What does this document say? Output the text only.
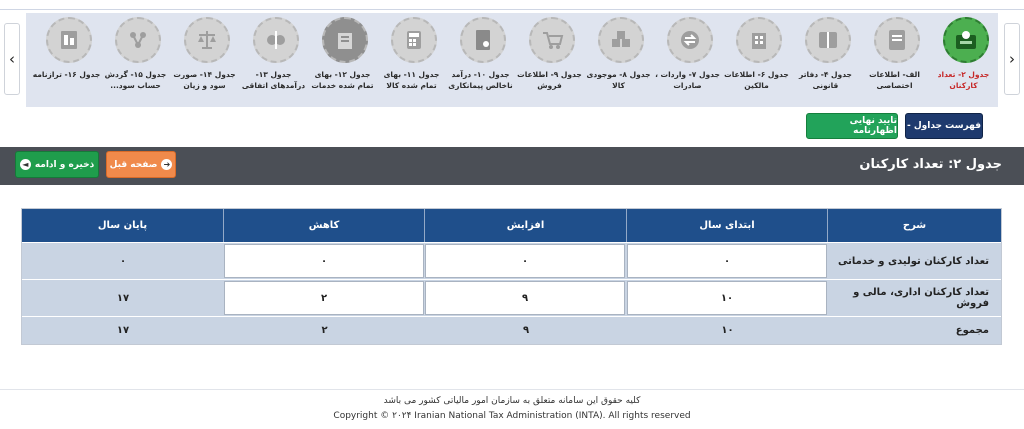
‹	›
جدول ۲- تعداد کارکنان
الف- اطلاعات اختصاصی
جدول ۴- دفاتر قانونی
جدول ۶- اطلاعات مالکین
جدول ۷- واردات ، صادرات
جدول ۸- موجودی کالا
جدول ۹- اطلاعات فروش
جدول ۱۰- درآمد ناخالص پیمانکاری
جدول ۱۱- بهای تمام شده کالا
جدول ۱۲- بهای تمام شده خدمات
جدول ۱۳- درآمدهای اتفاقی
جدول ۱۴- صورت سود و زیان
جدول ۱۵- گردش حساب سود...
جدول ۱۶- ترازنامه
فهرست جداول -
تایید نهایی اظهارنامه
جدول ۲: تعداد کارکنان
➔
صفحه قبل
ذخیره و ادامه
◄
شرح
ابتدای سال
افزایش
کاهش
پایان سال
تعداد کارکنان تولیدی و خدماتی
۰
۰
۰
۰
تعداد کارکنان اداری، مالی و فروش
۱۰
۹
۲
۱۷
مجموع
۱۰
۹
۲
۱۷
کلیه حقوق این سامانه متعلق به سازمان امور مالیاتی کشور می باشد
Copyright © ۲۰۲۴ Iranian National Tax Administration (INTA). All rights reserved
